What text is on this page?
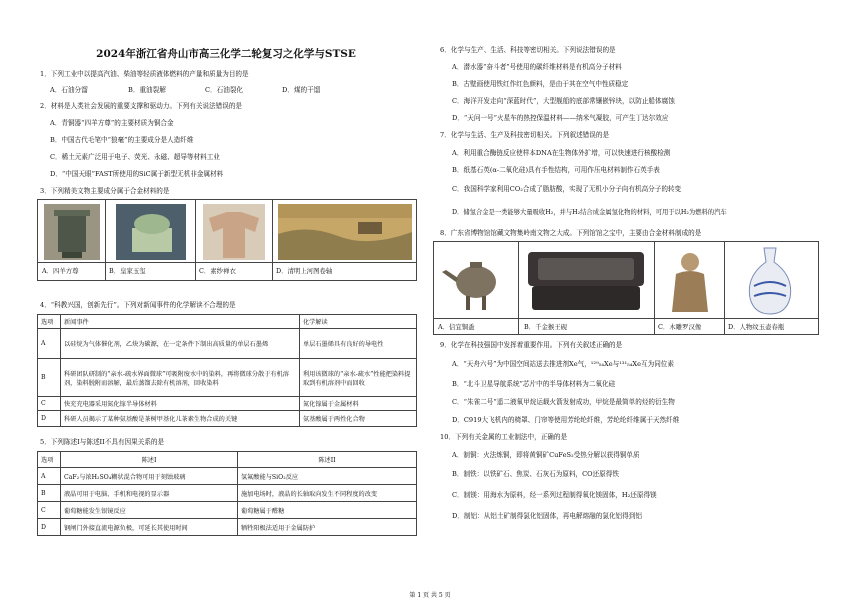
2024年浙江省舟山市高三化学二轮复习之化学与STSE
1．下列工业中以提高汽油、柴油等轻质液体燃料的产量和质量为目的是
A．石油分馏	B．重油裂解	C．石油裂化	D．煤的干馏
2．材料是人类社会发展的重要支撑和驱动力。下列有关说法错误的是
A．青铜器“四羊方尊”的主要材质为铜合金
B．中国古代毛笔中“狼毫”的主要成分是人造纤维
C．稀土元素广泛用于电子、荧光、永磁、超导等材料工业
D．“中国天眼”FAST所使用的SiC属于新型无机非金属材料
3．下列精美文物主要成分属于合金材料的是
A．四羊方尊	B．皇家玉玺	C．素纱禅衣	D．清明上河图卷轴
4．“科教兴国，创新先行”。下列对新闻事件的化学解读不合理的是
选项	新闻事件	化学解读
A	以硅烷为气体催化剂，乙炔为碳源，在一定条件下制出高质量的单层石墨烯	单层石墨烯具有良好的导电性
B	科研团队研制的“亲水-疏水界面微球”可吸附废水中的染料，再将微球分散于有机溶剂，染料脱附而溶解，最后蒸馏去除有机溶剂，回收染料	利用该微球的“亲水-疏水”性能把染料提取到有机溶剂中而回收
C	快充充电器采用氮化镓半导体材料	氮化镓属于金属材料
D	科研人员揭示了某种氨基酸是茶树甲基化儿茶素生物合成的关键	氨基酸属于两性化合物
5．下列陈述I与陈述II不具有因果关系的是
选项	陈述I	陈述II
A	CaF₂与浓H₂SO₄糊状混合物可用于刻蚀玻璃	氢氟酸能与SiO₂反应
B	液晶可用于电脑、手机和电视的显示器	施加电场时，液晶的长轴取向发生不同程度的改变
C	葡萄糖能发生银镜反应	葡萄糖属于醛糖
D	钢闸门外接直流电源负极，可延长其使用时间	牺牲阳极法适用于金属防护
6．化学与生产、生活、科技等密切相关。下列说法错误的是
A．潜水器“奋斗者”号使用的碳纤维材料是有机高分子材料
B．古壁画使用铁红作红色颜料，是由于其在空气中性质稳定
C．海洋开发走向“深蓝时代”，大型舰船的底部常镶嵌锌块，以防止船体腐蚀
D．“天问一号”火星车的热控保温材料——纳米气凝胶，可产生丁达尔效应
7．化学与生活、生产及科技密切相关。下列叙述错误的是
A．利用重合酶链反应使样本DNA在生物体外扩增，可以快速进行核酸检测
B．纸基石英(α-二氧化硅)具有手性结构，可用作压电材料制作石英手表
C．我国科学家利用CO₂合成了脂肪酸，实现了无机小分子向有机高分子的转变
D．储氢合金是一类能够大量吸收H₂，并与H₂结合成金属氢化物的材料，可用于以H₂为燃料的汽车
8．广东省博物馆馆藏文物集岭南文物之大成。下列馆馆之宝中，主要由合金材料制成的是
A．信宜铜盉	B．千金猴王砚	C．木雕罗汉像	D．人物纹玉壶春瓶
9．化学在科技强国中发挥着重要作用。下列有关叙述正确的是
A．“天舟六号”为中国空间站送去推进剂Xe气，¹²⁹₅₄Xe与¹³¹₅₄Xe互为同位素
B．“北斗卫星导航系统”芯片中的半导体材料为二氧化硅
C．“朱雀二号”遥二液氧甲烷运载火箭发射成功，甲烷是最简单的烃的衍生物
D．C919大飞机内的椅罩、门帘等使用芳纶纶纤维，芳纶纶纤维属于天然纤维
10．下列有关金属的工业制法中，正确的是
A．制铜：火法炼铜，即将黄铜矿CuFeS₂受热分解以获得铜单质
B．制铁：以铁矿石、焦炭、石灰石为原料，CO还原得铁
C．制镁：用海水为原料，经一系列过程制得氧化镁固体，H₂还原得镁
D．制铝：从铝土矿制得氯化铝固体，再电解熔融的氯化铝得到铝
第 1 页 共 5 页
